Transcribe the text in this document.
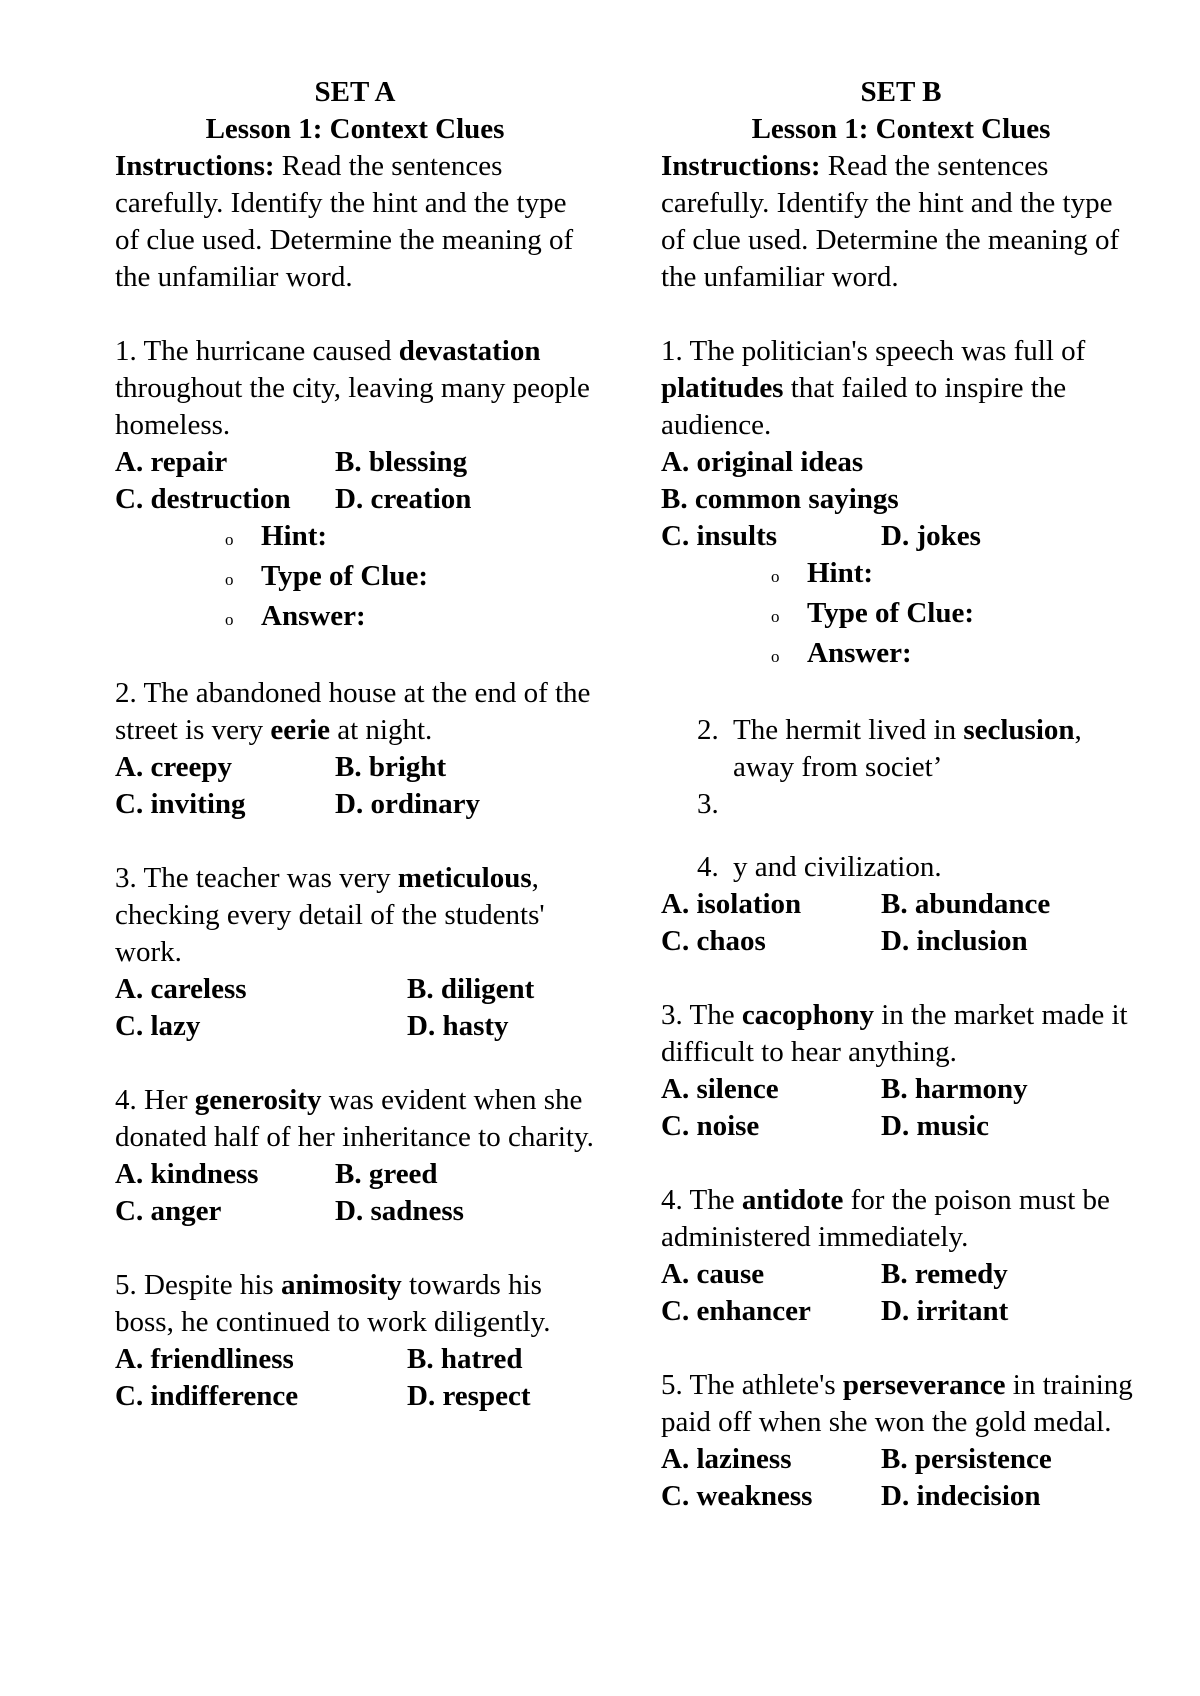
SET A
Lesson 1: Context Clues
Instructions: Read the sentences carefully. Identify the hint and the type of clue used. Determine the meaning of the unfamiliar word.
1. The hurricane caused devastation throughout the city, leaving many people homeless.
A. repair	B. blessing
C. destruction	D. creation
o Hint:
o Type of Clue:
o Answer:
2. The abandoned house at the end of the street is very eerie at night.
A. creepy	B. bright
C. inviting	D. ordinary
3. The teacher was very meticulous, checking every detail of the students' work.
A. careless	B. diligent
C. lazy	D. hasty
4. Her generosity was evident when she donated half of her inheritance to charity.
A. kindness	B. greed
C. anger	D. sadness
5. Despite his animosity towards his boss, he continued to work diligently.
A. friendliness	B. hatred
C. indifference	D. respect
SET B
Lesson 1: Context Clues
Instructions: Read the sentences carefully. Identify the hint and the type of clue used. Determine the meaning of the unfamiliar word.
1. The politician's speech was full of platitudes that failed to inspire the audience.
A. original ideas
B. common sayings
C. insults	D. jokes
o Hint:
o Type of Clue:
o Answer:
2. The hermit lived in seclusion, away from societ’
3.
4. y and civilization.
A. isolation	B. abundance
C. chaos	D. inclusion
3. The cacophony in the market made it difficult to hear anything.
A. silence	B. harmony
C. noise	D. music
4. The antidote for the poison must be administered immediately.
A. cause	B. remedy
C. enhancer	D. irritant
5. The athlete's perseverance in training paid off when she won the gold medal.
A. laziness	B. persistence
C. weakness	D. indecision
